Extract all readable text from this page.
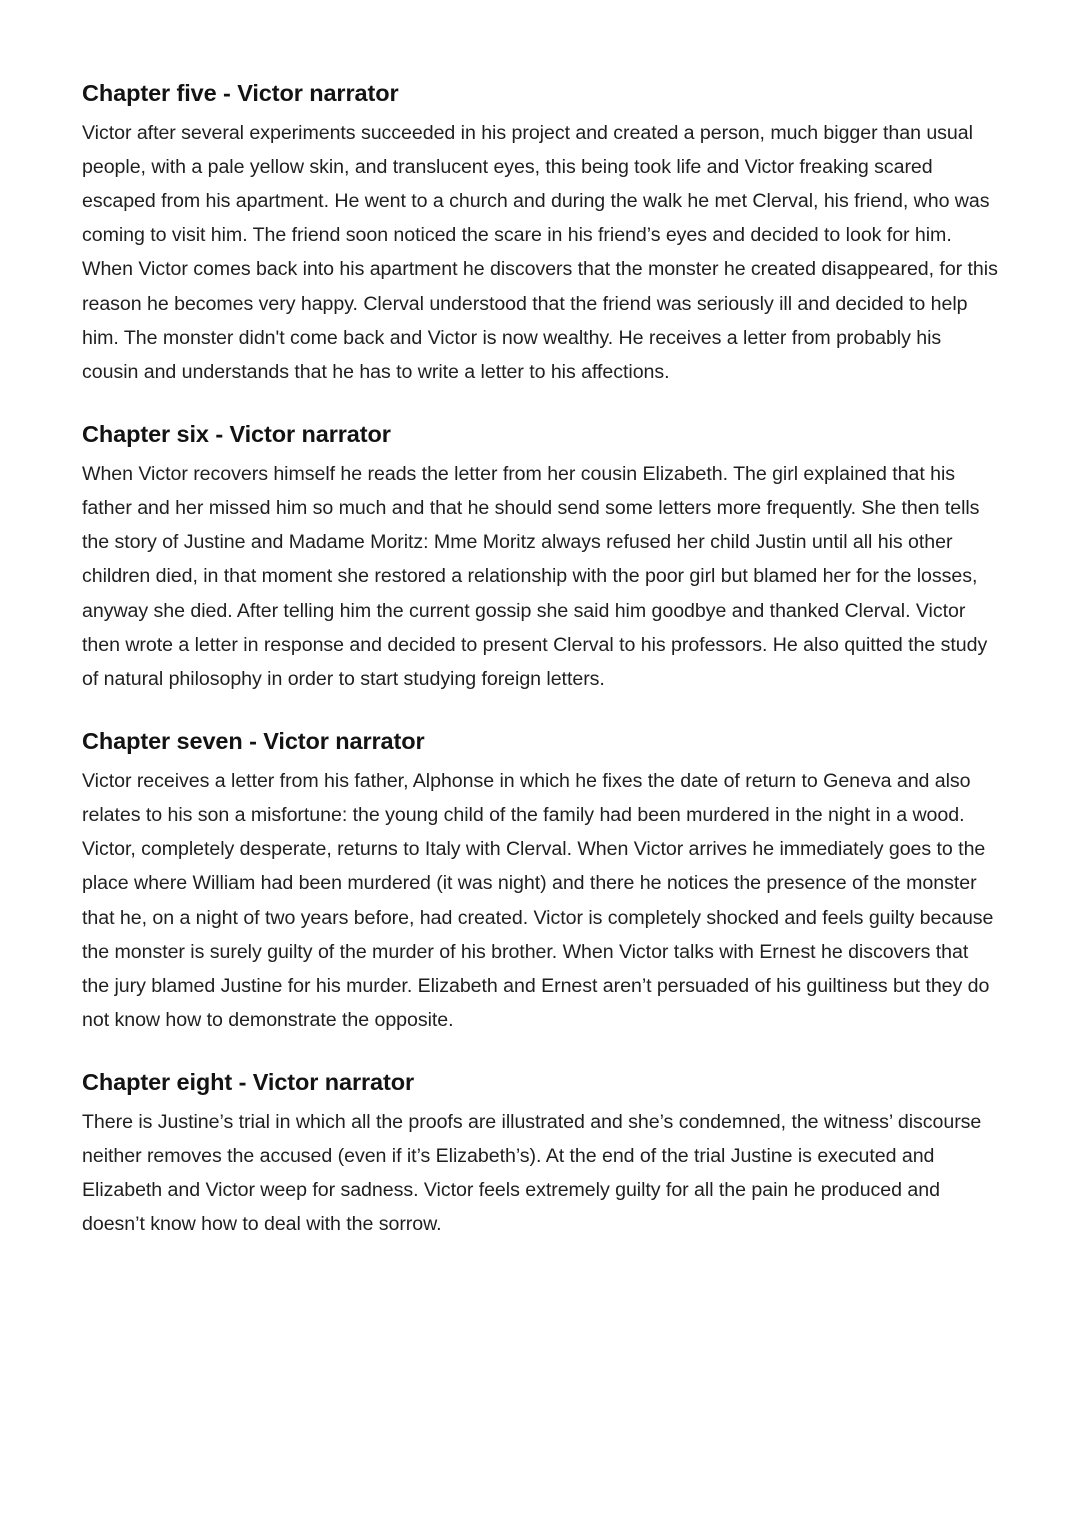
Chapter five - Victor narrator

Victor after several experiments succeeded in his project and created a person, much bigger than usual people, with a pale yellow skin, and translucent eyes, this being took life and Victor freaking scared escaped from his apartment. He went to a church and during the walk he met Clerval, his friend, who was coming to visit him. The friend soon noticed the scare in his friend’s eyes and decided to look for him. When Victor comes back into his apartment he discovers that the monster he created disappeared, for this reason he becomes very happy. Clerval understood that the friend was seriously ill and decided to help him. The monster didn't come back and Victor is now wealthy. He receives a letter from probably his cousin and understands that he has to write a letter to his affections.

Chapter six - Victor narrator

When Victor recovers himself he reads the letter from her cousin Elizabeth. The girl explained that his father and her missed him so much and that he should send some letters more frequently. She then tells the story of Justine and Madame Moritz: Mme Moritz always refused her child Justin until all his other children died, in that moment she restored a relationship with the poor girl but blamed her for the losses, anyway she died. After telling him the current gossip she said him goodbye and thanked Clerval. Victor then wrote a letter in response and decided to present Clerval to his professors. He also quitted the study of natural philosophy in order to start studying foreign letters.

Chapter seven - Victor narrator

Victor receives a letter from his father, Alphonse in which he fixes the date of return to Geneva and also relates to his son a misfortune: the young child of the family had been murdered in the night in a wood. Victor, completely desperate, returns to Italy with Clerval. When Victor arrives he immediately goes to the place where William had been murdered (it was night) and there he notices the presence of the monster that he, on a night of two years before, had created. Victor is completely shocked and feels guilty because the monster is surely guilty of the murder of his brother. When Victor talks with Ernest he discovers that the jury blamed Justine for his murder. Elizabeth and Ernest aren’t persuaded of his guiltiness but they do not know how to demonstrate the opposite.

Chapter eight - Victor narrator

There is Justine’s trial in which all the proofs are illustrated and she’s condemned, the witness’ discourse neither removes the accused (even if it’s Elizabeth’s). At the end of the trial Justine is executed and Elizabeth and Victor weep for sadness. Victor feels extremely guilty for all the pain he produced and doesn’t know how to deal with the sorrow.
